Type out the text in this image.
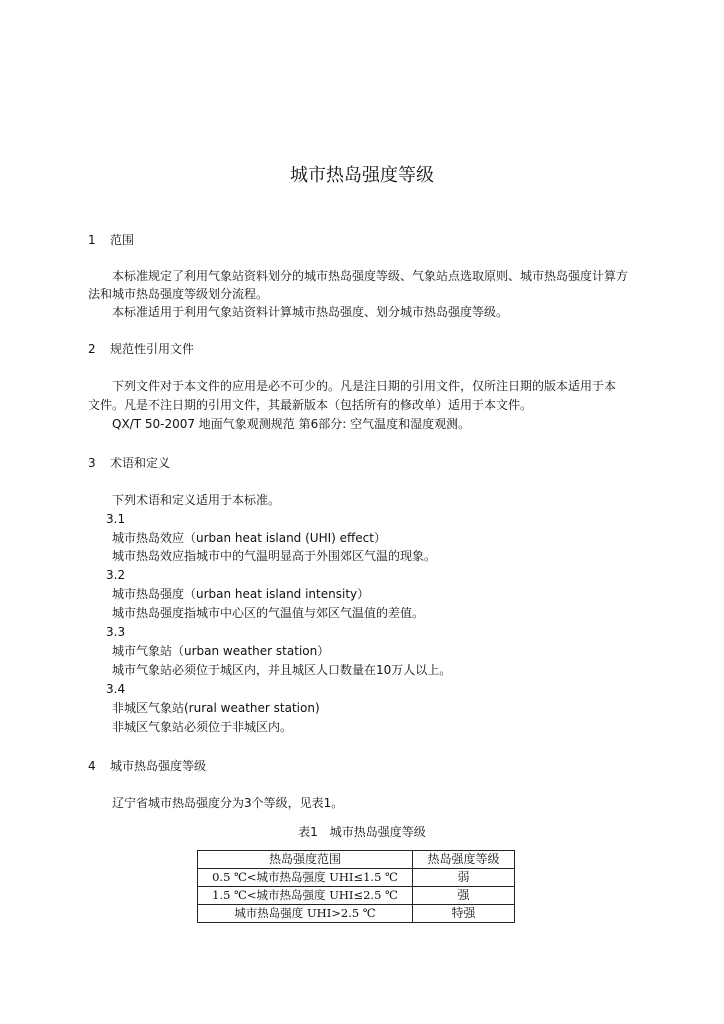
城市热岛强度等级
1 范围
本标准规定了利用气象站资料划分的城市热岛强度等级、气象站点选取原则、城市热岛强度计算方
法和城市热岛强度等级划分流程。
本标准适用于利用气象站资料计算城市热岛强度、划分城市热岛强度等级。
2 规范性引用文件
下列文件对于本文件的应用是必不可少的。凡是注日期的引用文件，仅所注日期的版本适用于本
文件。凡是不注日期的引用文件，其最新版本（包括所有的修改单）适用于本文件。
QX/T 50-2007 地面气象观测规范 第6部分: 空气温度和湿度观测。
3 术语和定义
下列术语和定义适用于本标准。
3.1
城市热岛效应（urban heat island (UHI) effect）
城市热岛效应指城市中的气温明显高于外围郊区气温的现象。
3.2
城市热岛强度（urban heat island intensity）
城市热岛强度指城市中心区的气温值与郊区气温值的差值。
3.3
城市气象站（urban weather station）
城市气象站必须位于城区内，并且城区人口数量在10万人以上。
3.4
非城区气象站(rural weather station)
非城区气象站必须位于非城区内。
4 城市热岛强度等级
辽宁省城市热岛强度分为3个等级，见表1。
表1　城市热岛强度等级
热岛强度范围	热岛强度等级
0.5 ℃<城市热岛强度 UHI≤1.5 ℃	弱
1.5 ℃<城市热岛强度 UHI≤2.5 ℃	强
城市热岛强度 UHI>2.5 ℃	特强
